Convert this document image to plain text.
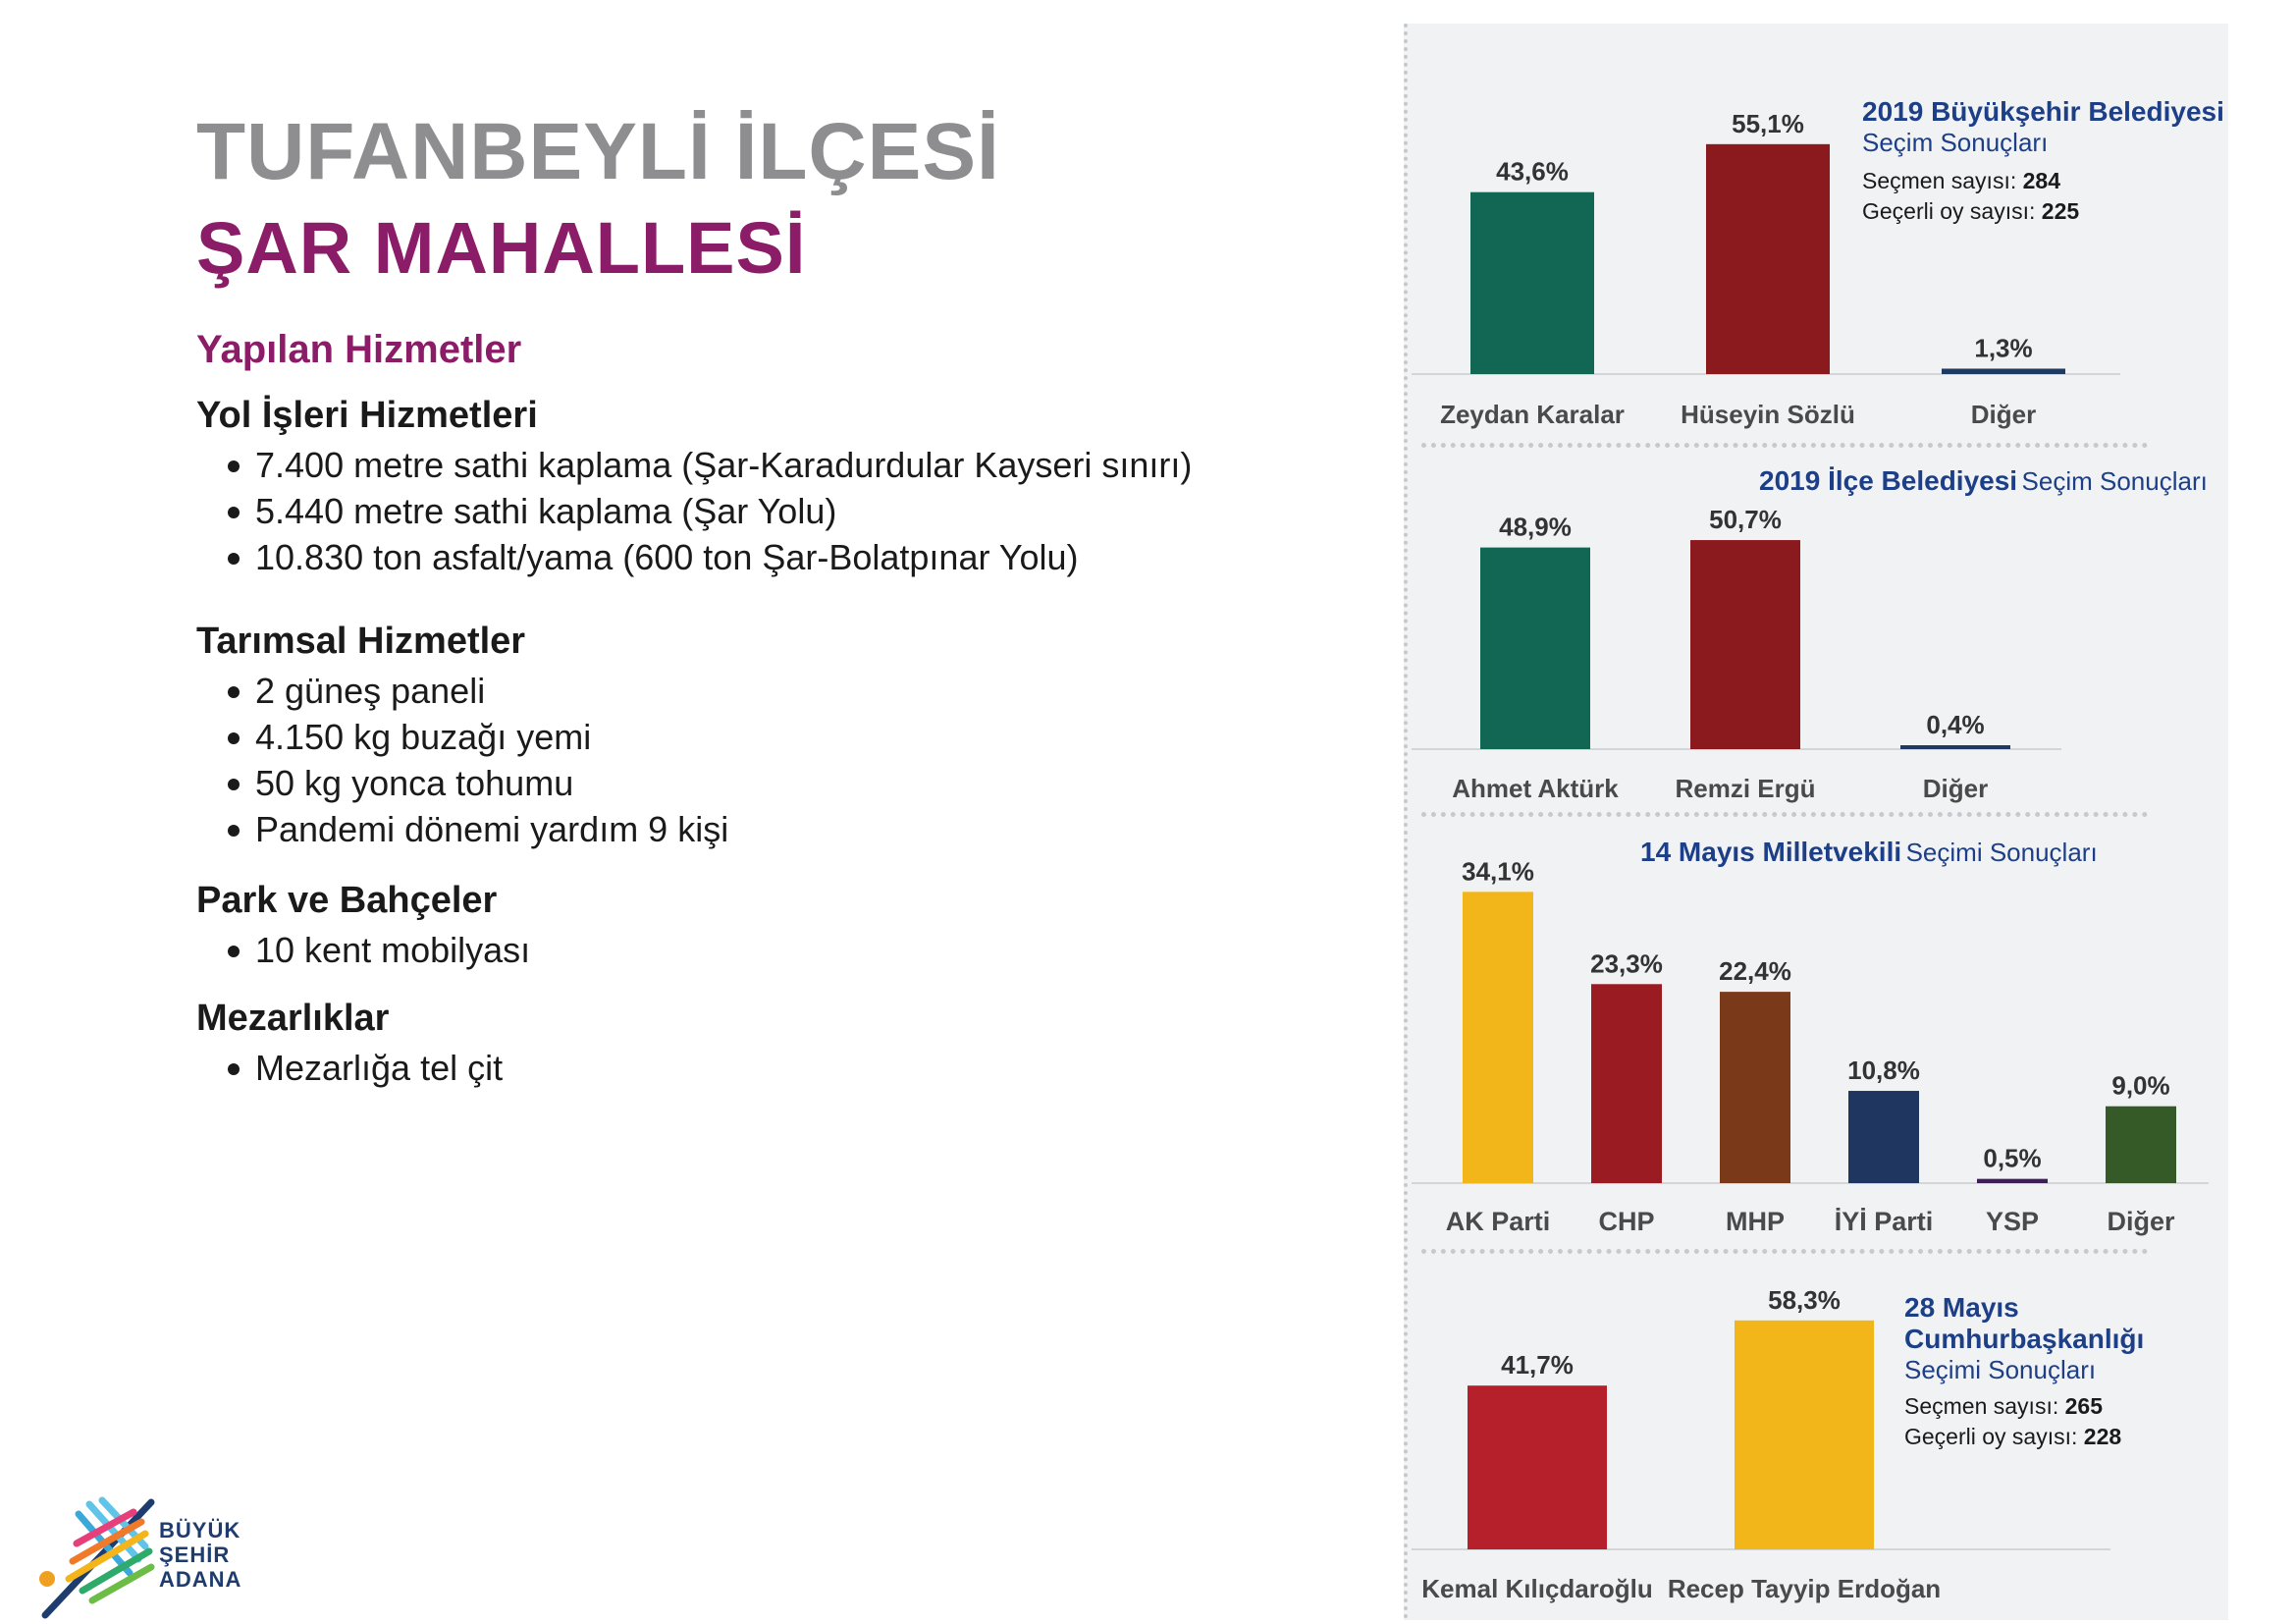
TUFANBEYLİ İLÇESİ
ŞAR MAHALLESİ
Yapılan Hizmetler
Yol İşleri Hizmetleri
7.400 metre sathi kaplama (Şar-Karadurdular Kayseri sınırı)
5.440 metre sathi kaplama (Şar Yolu)
10.830 ton asfalt/yama (600 ton Şar-Bolatpınar Yolu)
Tarımsal Hizmetler
2 güneş paneli
4.150 kg buzağı yemi
50 kg yonca tohumu
Pandemi dönemi yardım 9 kişi
Park ve Bahçeler
10 kent mobilyası
Mezarlıklar
Mezarlığa tel çit
BÜYÜK
ŞEHİR
ADANA
43,6%
Zeydan Karalar
55,1%
Hüseyin Sözlü
1,3%
Diğer
2019 Büyükşehir Belediyesi
Seçim Sonuçları
Seçmen sayısı: 284
Geçerli oy sayısı: 225
48,9%
Ahmet Aktürk
50,7%
Remzi Ergü
0,4%
Diğer
2019 İlçe Belediyesi Seçim Sonuçları
34,1%
AK Parti
23,3%
CHP
22,4%
MHP
10,8%
İYİ Parti
0,5%
YSP
9,0%
Diğer
14 Mayıs Milletvekili Seçimi Sonuçları
41,7%
Kemal Kılıçdaroğlu
58,3%
Recep Tayyip Erdoğan
28 Mayıs
Cumhurbaşkanlığı
Seçimi Sonuçları
Seçmen sayısı: 265
Geçerli oy sayısı: 228
